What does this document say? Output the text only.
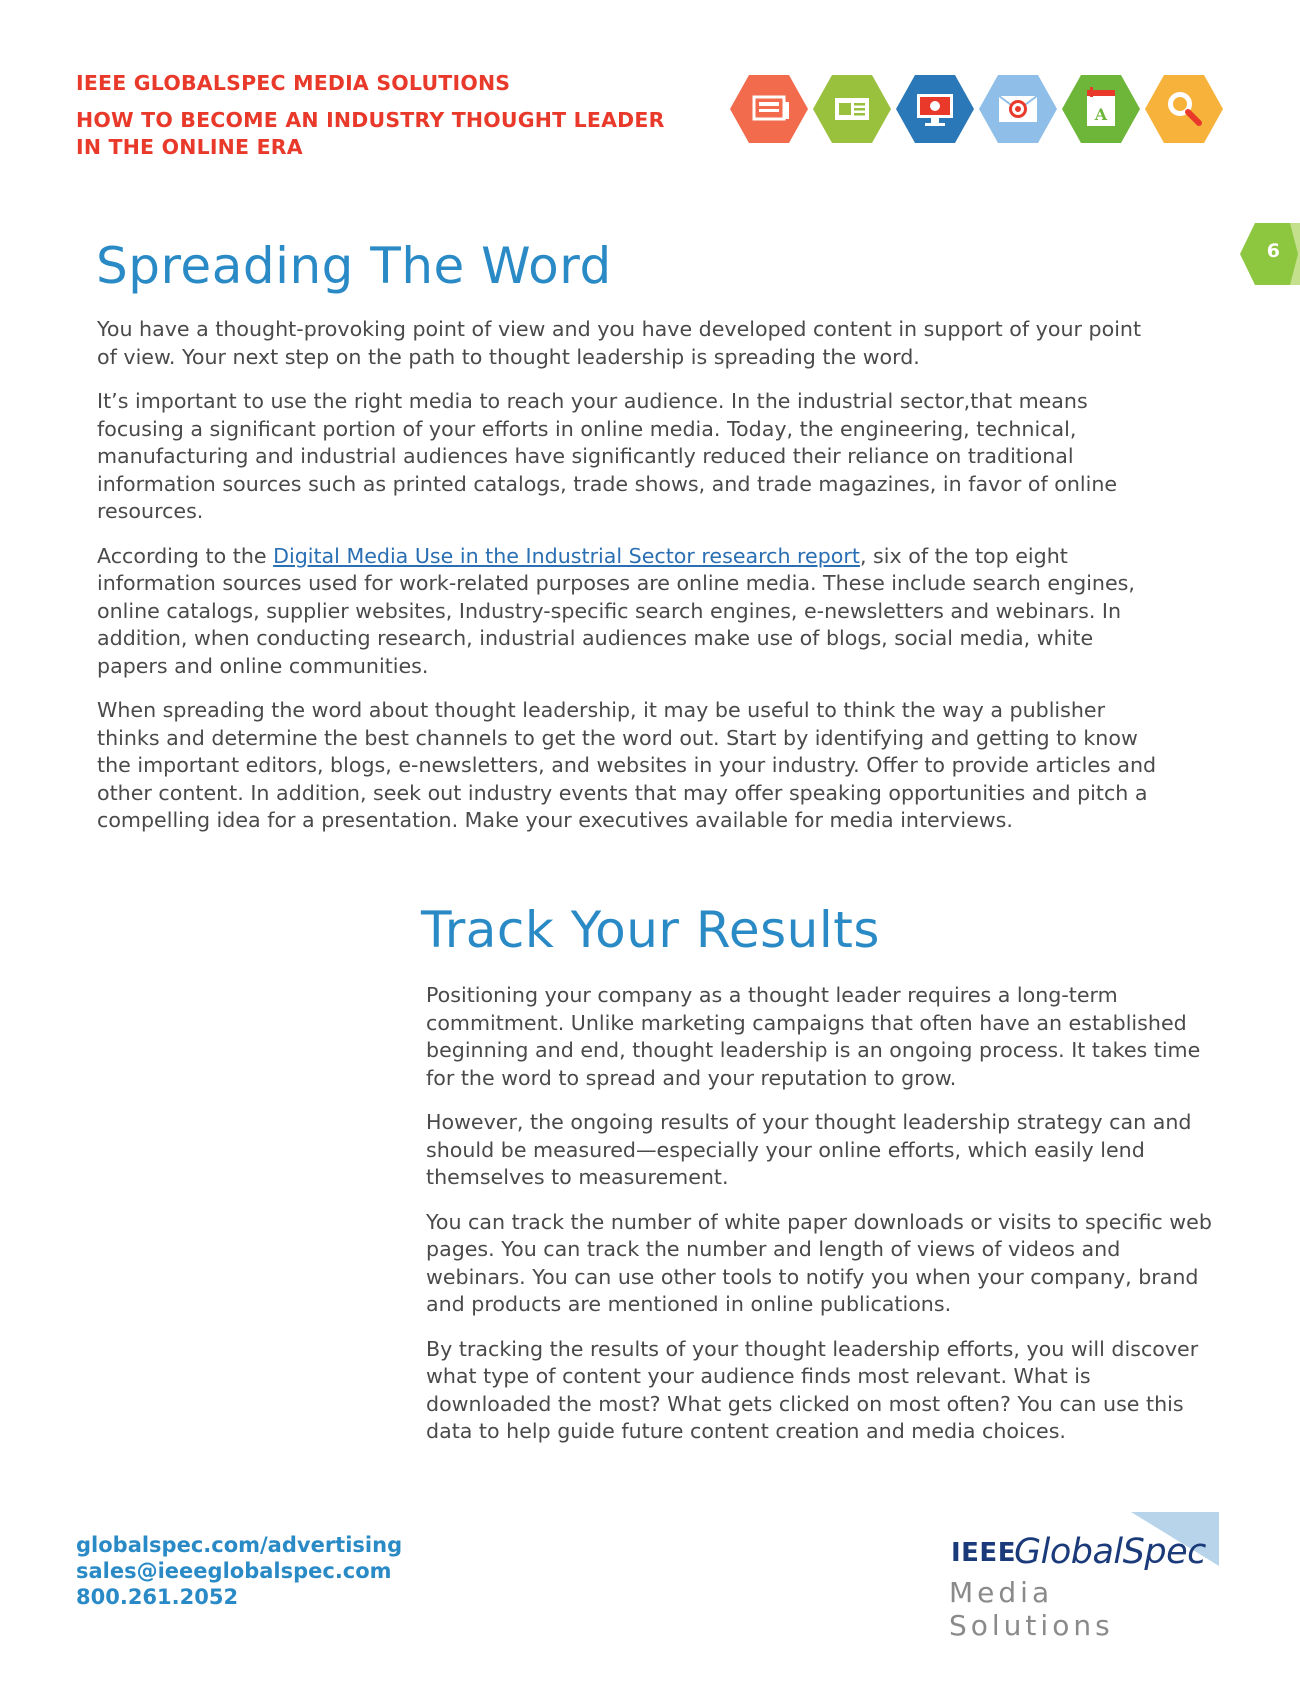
IEEE GLOBALSPEC MEDIA SOLUTIONS
HOW TO BECOME AN INDUSTRY THOUGHT LEADER
IN THE ONLINE ERA
A
6
Spreading The Word

You have a thought-provoking point of view and you have developed content in support of your point of view. Your next step on the path to thought leadership is spreading the word.

It’s important to use the right media to reach your audience. In the industrial sector,that means focusing a significant portion of your efforts in online media. Today, the engineering, technical, manufacturing and industrial audiences have significantly reduced their reliance on traditional information sources such as printed catalogs, trade shows, and trade magazines, in favor of online resources.

According to the Digital Media Use in the Industrial Sector research report, six of the top eight information sources used for work-related purposes are online media. These include search engines, online catalogs, supplier websites, Industry-specific search engines, e-newsletters and webinars. In addition, when conducting research, industrial audiences make use of blogs, social media, white papers and online communities.

When spreading the word about thought leadership, it may be useful to think the way a publisher thinks and determine the best channels to get the word out. Start by identifying and getting to know the important editors, blogs, e-newsletters, and websites in your industry. Offer to provide articles and other content. In addition, seek out industry events that may offer speaking opportunities and pitch a compelling idea for a presentation. Make your executives available for media interviews.

Track Your Results

Positioning your company as a thought leader requires a long-term commitment. Unlike marketing campaigns that often have an established beginning and end, thought leadership is an ongoing process. It takes time for the word to spread and your reputation to grow.

However, the ongoing results of your thought leadership strategy can and should be measured—especially your online efforts, which easily lend themselves to measurement.

You can track the number of white paper downloads or visits to specific web pages. You can track the number and length of views of videos and webinars. You can use other tools to notify you when your company, brand and products are mentioned in online publications.

By tracking the results of your thought leadership efforts, you will discover what type of content your audience finds most relevant. What is downloaded the most? What gets clicked on most often? You can use this data to help guide future content creation and media choices.

globalspec.com/advertising
sales@ieeeglobalspec.com
800.261.2052
IEEE
GlobalSpec
Media Solutions
